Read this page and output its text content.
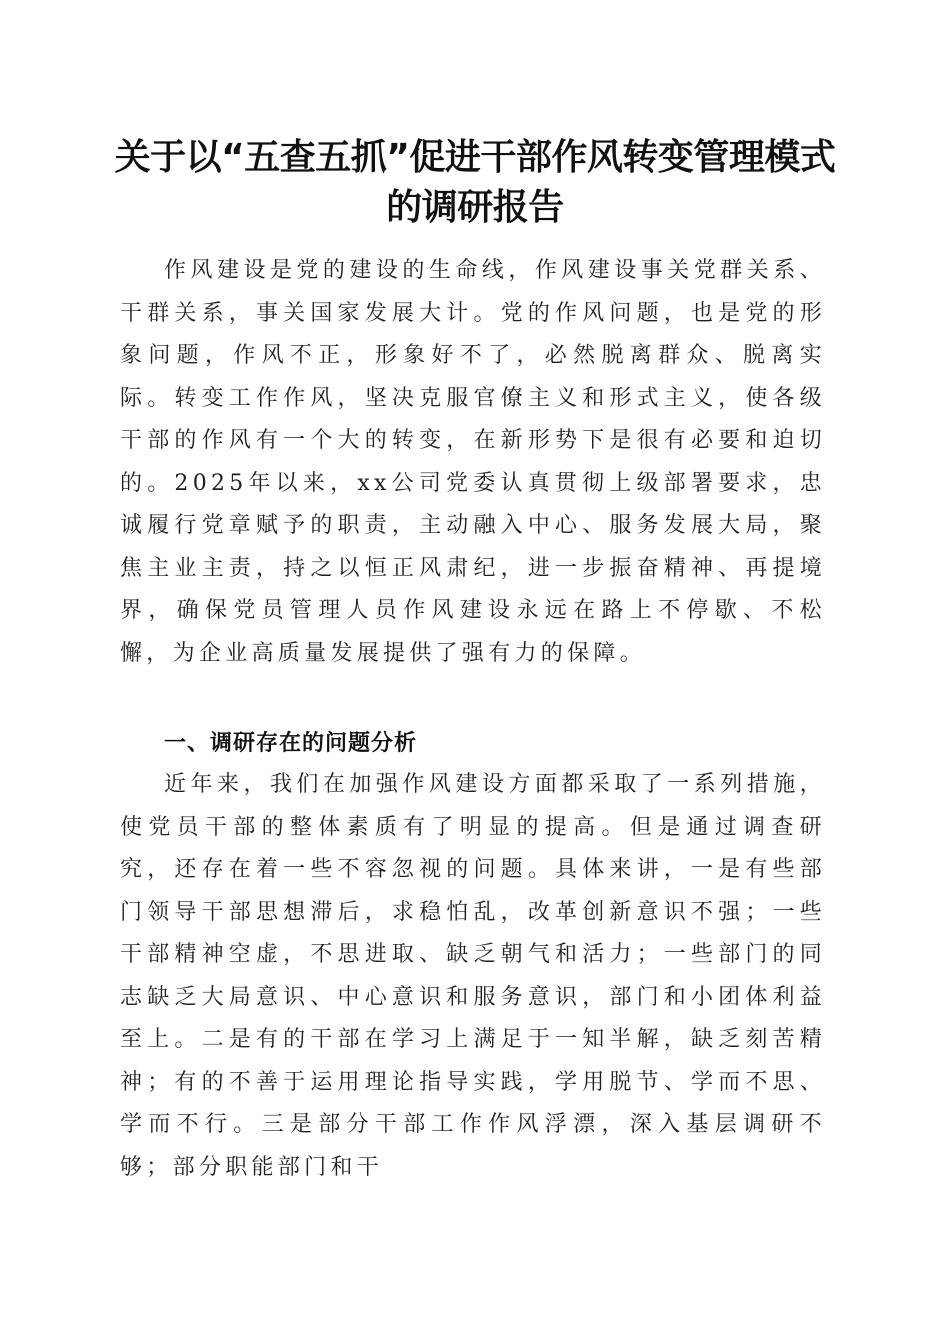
关于以“五查五抓”促进干部作风转变管理模式的调研报告

作风建设是党的建设的生命线，作风建设事关党群关系、干群关系，事关国家发展大计。党的作风问题，也是党的形象问题，作风不正，形象好不了，必然脱离群众、脱离实际。转变工作作风，坚决克服官僚主义和形式主义，使各级干部的作风有一个大的转变，在新形势下是很有必要和迫切的。2025年以来，xx公司党委认真贯彻上级部署要求，忠诚履行党章赋予的职责，主动融入中心、服务发展大局，聚焦主业主责，持之以恒正风肃纪，进一步振奋精神、再提境界，确保党员管理人员作风建设永远在路上不停歇、不松懈，为企业高质量发展提供了强有力的保障。

一、调研存在的问题分析

近年来，我们在加强作风建设方面都采取了一系列措施，使党员干部的整体素质有了明显的提高。但是通过调查研究，还存在着一些不容忽视的问题。具体来讲，一是有些部门领导干部思想滞后，求稳怕乱，改革创新意识不强；一些干部精神空虚，不思进取、缺乏朝气和活力；一些部门的同志缺乏大局意识、中心意识和服务意识，部门和小团体利益至上。二是有的干部在学习上满足于一知半解，缺乏刻苦精神；有的不善于运用理论指导实践，学用脱节、学而不思、学而不行。三是部分干部工作作风浮漂，深入基层调研不够；部分职能部门和干
